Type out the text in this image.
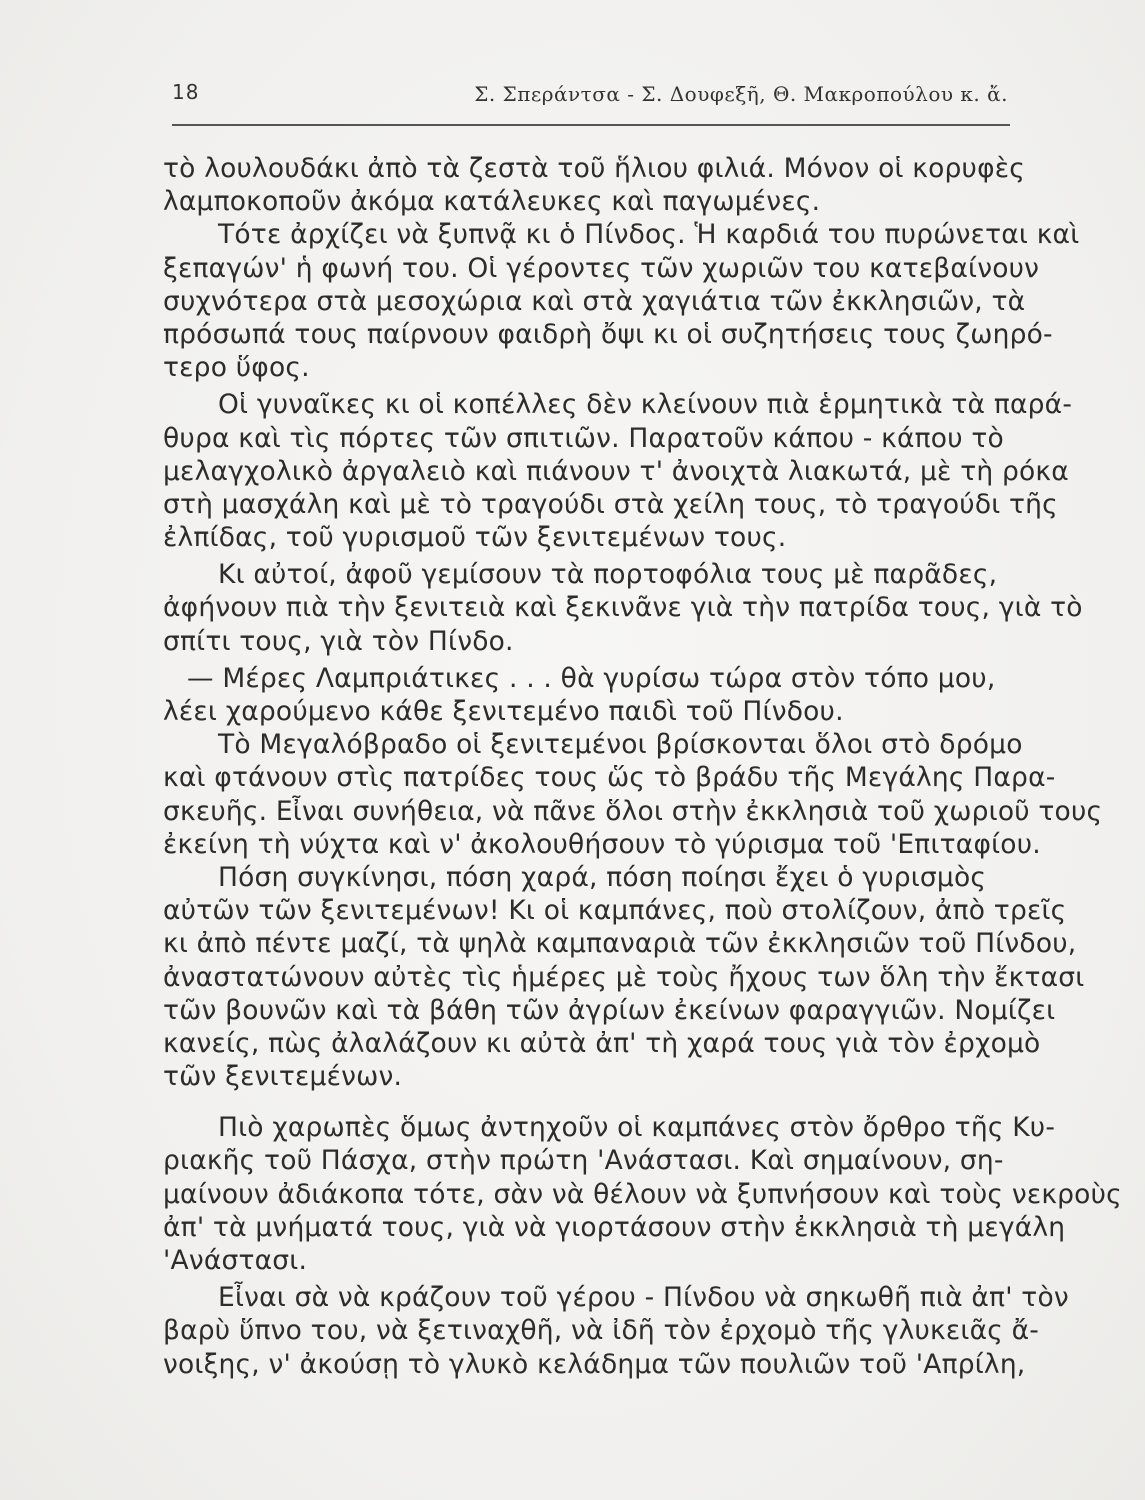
18	Σ. Σπεράντσα - Σ. Δουφεξῆ, Θ. Μακροπούλου κ. ἄ.
τὸ λουλουδάκι ἀπὸ τὰ ζεστὰ τοῦ ἥλιου φιλιά. Μόνον οἱ κορυφὲς
λαμποκοποῦν ἀκόμα κατάλευκες καὶ παγωμένες.
Τότε ἀρχίζει νὰ ξυπνᾷ κι ὁ Πίνδος. Ἡ καρδιά του πυρώνεται καὶ
ξεπαγών' ἡ φωνή του. Οἱ γέροντες τῶν χωριῶν του κατεβαίνουν
συχνότερα στὰ μεσοχώρια καὶ στὰ χαγιάτια τῶν ἐκκλησιῶν, τὰ
πρόσωπά τους παίρνουν φαιδρὴ ὄψι κι οἱ συζητήσεις τους ζωηρό-
τερο ὕφος.
Οἱ γυναῖκες κι οἱ κοπέλλες δὲν κλείνουν πιὰ ἑρμητικὰ τὰ παρά-
θυρα καὶ τὶς πόρτες τῶν σπιτιῶν. Παρατοῦν κάπου - κάπου τὸ
μελαγχολικὸ ἀργαλειὸ καὶ πιάνουν τ' ἀνοιχτὰ λιακωτά, μὲ τὴ ρόκα
στὴ μασχάλη καὶ μὲ τὸ τραγούδι στὰ χείλη τους, τὸ τραγούδι τῆς
ἐλπίδας, τοῦ γυρισμοῦ τῶν ξενιτεμένων τους.
Κι αὐτοί, ἀφοῦ γεμίσουν τὰ πορτοφόλια τους μὲ παρᾶδες,
ἀφήνουν πιὰ τὴν ξενιτειὰ καὶ ξεκινᾶνε γιὰ τὴν πατρίδα τους, γιὰ τὸ
σπίτι τους, γιὰ τὸν Πίνδο.
— Μέρες Λαμπριάτικες . . . θὰ γυρίσω τώρα στὸν τόπο μου,
λέει χαρούμενο κάθε ξενιτεμένο παιδὶ τοῦ Πίνδου.
Τὸ Μεγαλόβραδο οἱ ξενιτεμένοι βρίσκονται ὅλοι στὸ δρόμο
καὶ φτάνουν στὶς πατρίδες τους ὥς τὸ βράδυ τῆς Μεγάλης Παρα-
σκευῆς. Εἶναι συνήθεια, νὰ πᾶνε ὅλοι στὴν ἐκκλησιὰ τοῦ χωριοῦ τους
ἐκείνη τὴ νύχτα καὶ ν' ἀκολουθήσουν τὸ γύρισμα τοῦ 'Επιταφίου.
Πόση συγκίνησι, πόση χαρά, πόση ποίησι ἔχει ὁ γυρισμὸς
αὐτῶν τῶν ξενιτεμένων! Κι οἱ καμπάνες, ποὺ στολίζουν, ἀπὸ τρεῖς
κι ἀπὸ πέντε μαζί, τὰ ψηλὰ καμπαναριὰ τῶν ἐκκλησιῶν τοῦ Πίνδου,
ἀναστατώνουν αὐτὲς τὶς ἡμέρες μὲ τοὺς ἤχους των ὅλη τὴν ἔκτασι
τῶν βουνῶν καὶ τὰ βάθη τῶν ἀγρίων ἐκείνων φαραγγιῶν. Νομίζει
κανείς, πὼς ἀλαλάζουν κι αὐτὰ ἀπ' τὴ χαρά τους γιὰ τὸν ἐρχομὸ
τῶν ξενιτεμένων.
Πιὸ χαρωπὲς ὅμως ἀντηχοῦν οἱ καμπάνες στὸν ὄρθρο τῆς Κυ-
ριακῆς τοῦ Πάσχα, στὴν πρώτη 'Ανάστασι. Καὶ σημαίνουν, ση-
μαίνουν ἀδιάκοπα τότε, σὰν νὰ θέλουν νὰ ξυπνήσουν καὶ τοὺς νεκροὺς
ἀπ' τὰ μνήματά τους, γιὰ νὰ γιορτάσουν στὴν ἐκκλησιὰ τὴ μεγάλη
'Ανάστασι.
Εἶναι σὰ νὰ κράζουν τοῦ γέρου - Πίνδου νὰ σηκωθῆ πιὰ ἀπ' τὸν
βαρὺ ὕπνο του, νὰ ξετιναχθῆ, νὰ ἰδῆ τὸν ἐρχομὸ τῆς γλυκειᾶς ἄ-
νοιξης, ν' ἀκούσῃ τὸ γλυκὸ κελάδημα τῶν πουλιῶν τοῦ 'Απρίλη,
